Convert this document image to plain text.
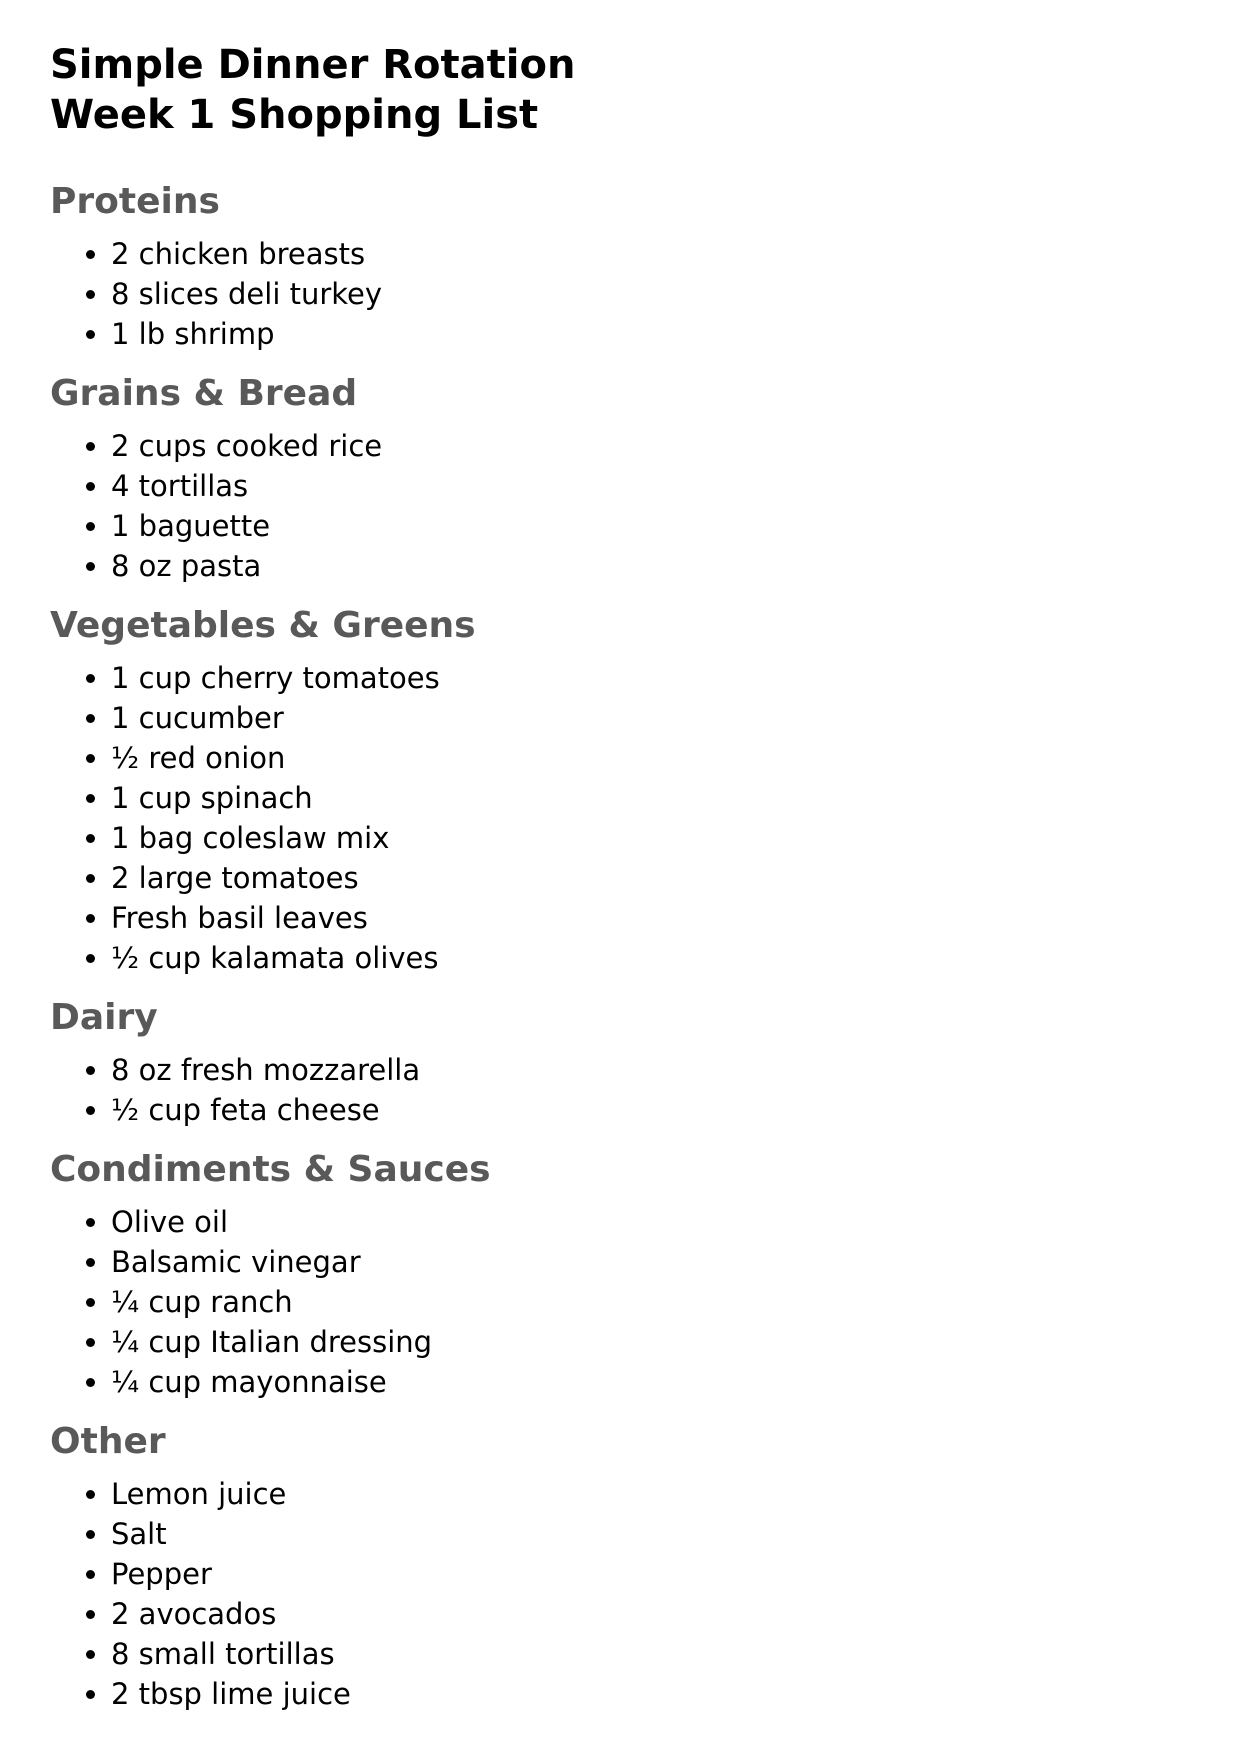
Simple Dinner Rotation
Week 1 Shopping List
Proteins
• 2 chicken breasts
• 8 slices deli turkey
• 1 lb shrimp
Grains & Bread
• 2 cups cooked rice
• 4 tortillas
• 1 baguette
• 8 oz pasta
Vegetables & Greens
• 1 cup cherry tomatoes
• 1 cucumber
• ½ red onion
• 1 cup spinach
• 1 bag coleslaw mix
• 2 large tomatoes
• Fresh basil leaves
• ½ cup kalamata olives
Dairy
• 8 oz fresh mozzarella
• ½ cup feta cheese
Condiments & Sauces
• Olive oil
• Balsamic vinegar
• ¼ cup ranch
• ¼ cup Italian dressing
• ¼ cup mayonnaise
Other
• Lemon juice
• Salt
• Pepper
• 2 avocados
• 8 small tortillas
• 2 tbsp lime juice
